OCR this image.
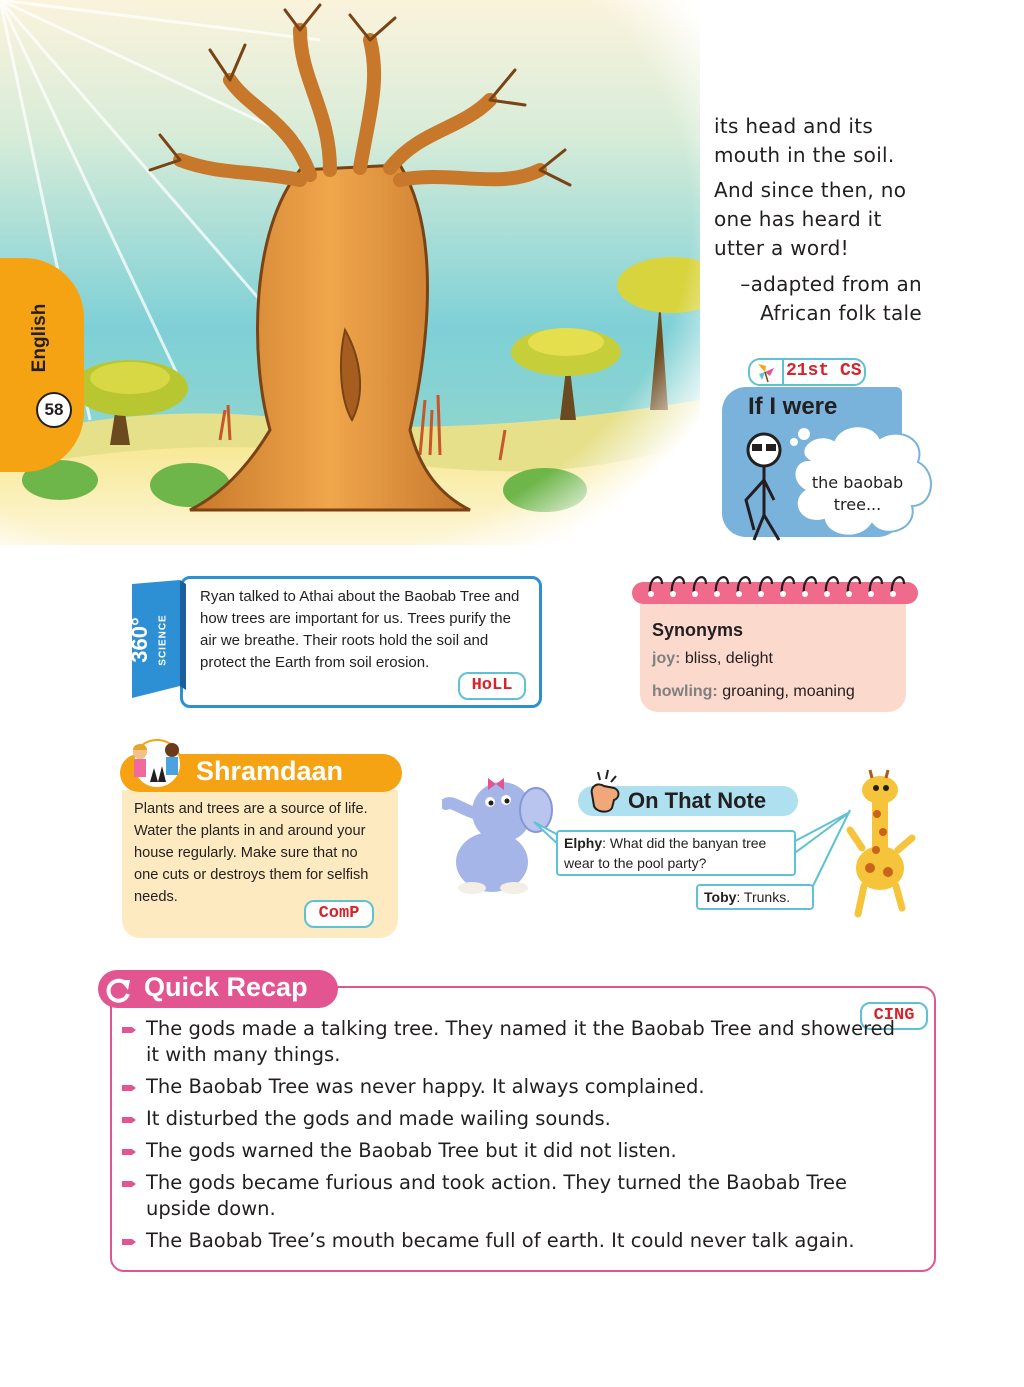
English
58
its head and its
mouth in the soil.
And since then, no
one has heard it
utter a word!
–adapted from an
African folk tale
21st CS
If I were
the baobab tree...
360° SCIENCE
Ryan talked to Athai about the Baobab Tree and how trees are important for us. Trees purify the air we breathe. Their roots hold the soil and protect the Earth from soil erosion.
HoLL
Synonyms
joy: bliss, delight
howling: groaning, moaning
Shramdaan
Plants and trees are a source of life. Water the plants in and around your house regularly. Make sure that no one cuts or destroys them for selfish needs.
ComP
On That Note
Elphy: What did the banyan tree wear to the pool party?
Toby: Trunks.
Quick Recap
CING
The gods made a talking tree. They named it the Baobab Tree and showered it with many things.
The Baobab Tree was never happy. It always complained.
It disturbed the gods and made wailing sounds.
The gods warned the Baobab Tree but it did not listen.
The gods became furious and took action. They turned the Baobab Tree upside down.
The Baobab Tree’s mouth became full of earth. It could never talk again.
